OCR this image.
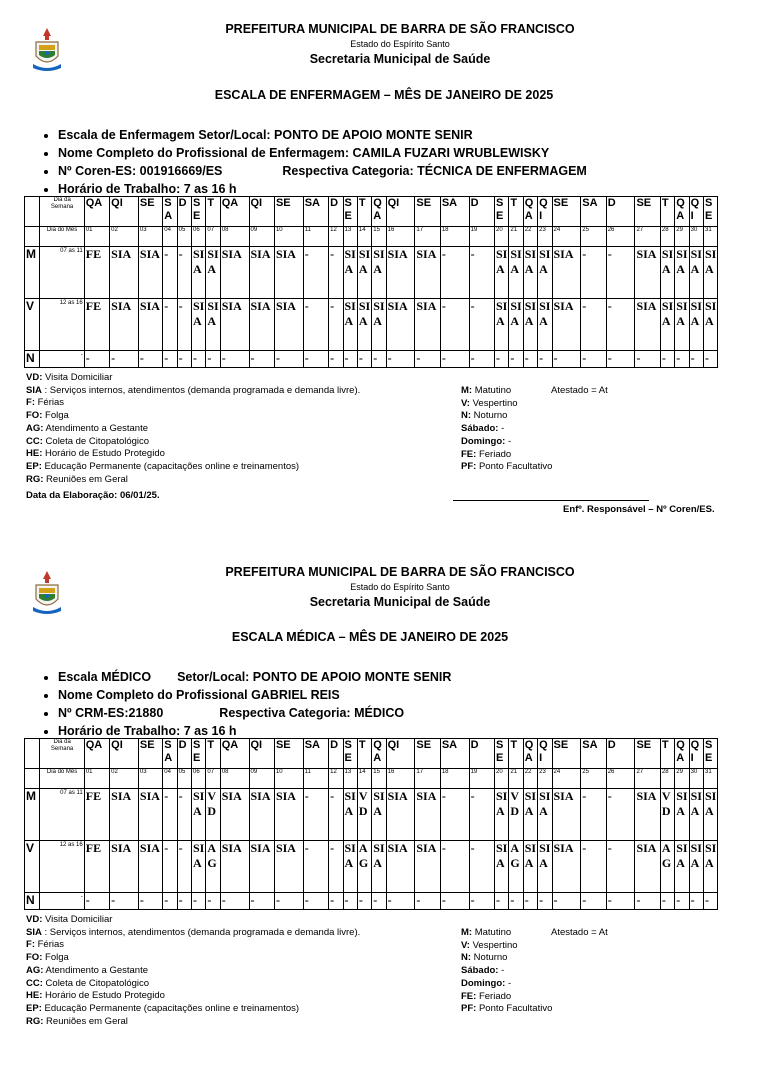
PREFEITURA MUNICIPAL DE BARRA DE SÃO FRANCISCO
Estado do Espírito Santo
Secretaria Municipal de Saúde
ESCALA DE ENFERMAGEM – MÊS DE JANEIRO DE 2025
• Escala de Enfermagem Setor/Local: PONTO DE APOIO MONTE SENIR
• Nome Completo do Profissional de Enfermagem: CAMILA FUZARI WRUBLEWISKY
• Nº Coren-ES: 001916669/ES	Respectiva Categoria: TÉCNICA DE ENFERMAGEM
• Horário de Trabalho: 7 as 16 h
	Dia da Semana	QA	QI	SE	SA	D	SE	T	QA	QI	SE	SA	D	SE	T	QA	QI	SE	SA	D	SE	T	QA	QI	SE	SA	D	SE	T	QA	QI	SE
	Dia do Mês	01	02	03	04	05	06	07	08	09	10	11	12	13	14	15	16	17	18	19	20	21	22	23	24	25	26	27	28	29	30	31
M	07 as 11	FE	SIA	SIA	-	-	SIA	SIA	SIA	SIA	SIA	-	-	SIA	SIA	SIA	SIA	SIA	-	-	SIA	SIA	SIA	SIA	SIA	-	-	SIA	SIA	SIA	SIA	SIA
V	12 as 16	FE	SIA	SIA	-	-	SIA	SIA	SIA	SIA	SIA	-	-	SIA	SIA	SIA	SIA	SIA	-	-	SIA	SIA	SIA	SIA	SIA	-	-	SIA	SIA	SIA	SIA	SIA
N	-	-	-	-	-	-	-	-	-	-	-	-	-	-	-	-	-	-	-	-	-	-	-	-	-	-	-	-	-	-	-	-
VD: Visita Domiciliar
SIA : Serviços internos, atendimentos (demanda programada e demanda livre).
F: Férias
FO: Folga
AG: Atendimento a Gestante
CC: Coleta de Citopatológico
HE: Horário de Estudo Protegido
EP: Educação Permanente (capacitações online e treinamentos)
RG: Reuniões em Geral
M: Matutino
V: Vespertino
N: Noturno
Sábado: -
Domingo: -
FE: Feriado
PF: Ponto Facultativo
Atestado = At
Data da Elaboração: 06/01/25.
Enfº. Responsável – Nº Coren/ES.
PREFEITURA MUNICIPAL DE BARRA DE SÃO FRANCISCO
Estado do Espírito Santo
Secretaria Municipal de Saúde
ESCALA MÉDICA – MÊS DE JANEIRO DE 2025
• Escala MÉDICO Setor/Local: PONTO DE APOIO MONTE SENIR
• Nome Completo do Profissional GABRIEL REIS
• Nº CRM-ES:21880	Respectiva Categoria: MÉDICO
• Horário de Trabalho: 7 as 16 h
	Dia da Semana	QA	QI	SE	SA	D	SE	T	QA	QI	SE	SA	D	SE	T	QA	QI	SE	SA	D	SE	T	QA	QI	SE	SA	D	SE	T	QA	QI	SE
	Dia do Mês	01	02	03	04	05	06	07	08	09	10	11	12	13	14	15	16	17	18	19	20	21	22	23	24	25	26	27	28	29	30	31
M	07 as 11	FE	SIA	SIA	-	-	SIA	VD	SIA	SIA	SIA	-	-	SIA	VD	SIA	SIA	SIA	-	-	SIA	VD	SIA	SIA	SIA	-	-	SIA	VD	SIA	SIA	SIA
V	12 as 16	FE	SIA	SIA	-	-	SIA	AG	SIA	SIA	SIA	-	-	SIA	AG	SIA	SIA	SIA	-	-	SIA	AG	SIA	SIA	SIA	-	-	SIA	AG	SIA	SIA	SIA
N	-	-	-	-	-	-	-	-	-	-	-	-	-	-	-	-	-	-	-	-	-	-	-	-	-	-	-	-	-	-	-	-
VD: Visita Domiciliar
SIA : Serviços internos, atendimentos (demanda programada e demanda livre).
F: Férias
FO: Folga
AG: Atendimento a Gestante
CC: Coleta de Citopatológico
HE: Horário de Estudo Protegido
EP: Educação Permanente (capacitações online e treinamentos)
RG: Reuniões em Geral
M: Matutino
V: Vespertino
N: Noturno
Sábado: -
Domingo: -
FE: Feriado
PF: Ponto Facultativo
Atestado = At
